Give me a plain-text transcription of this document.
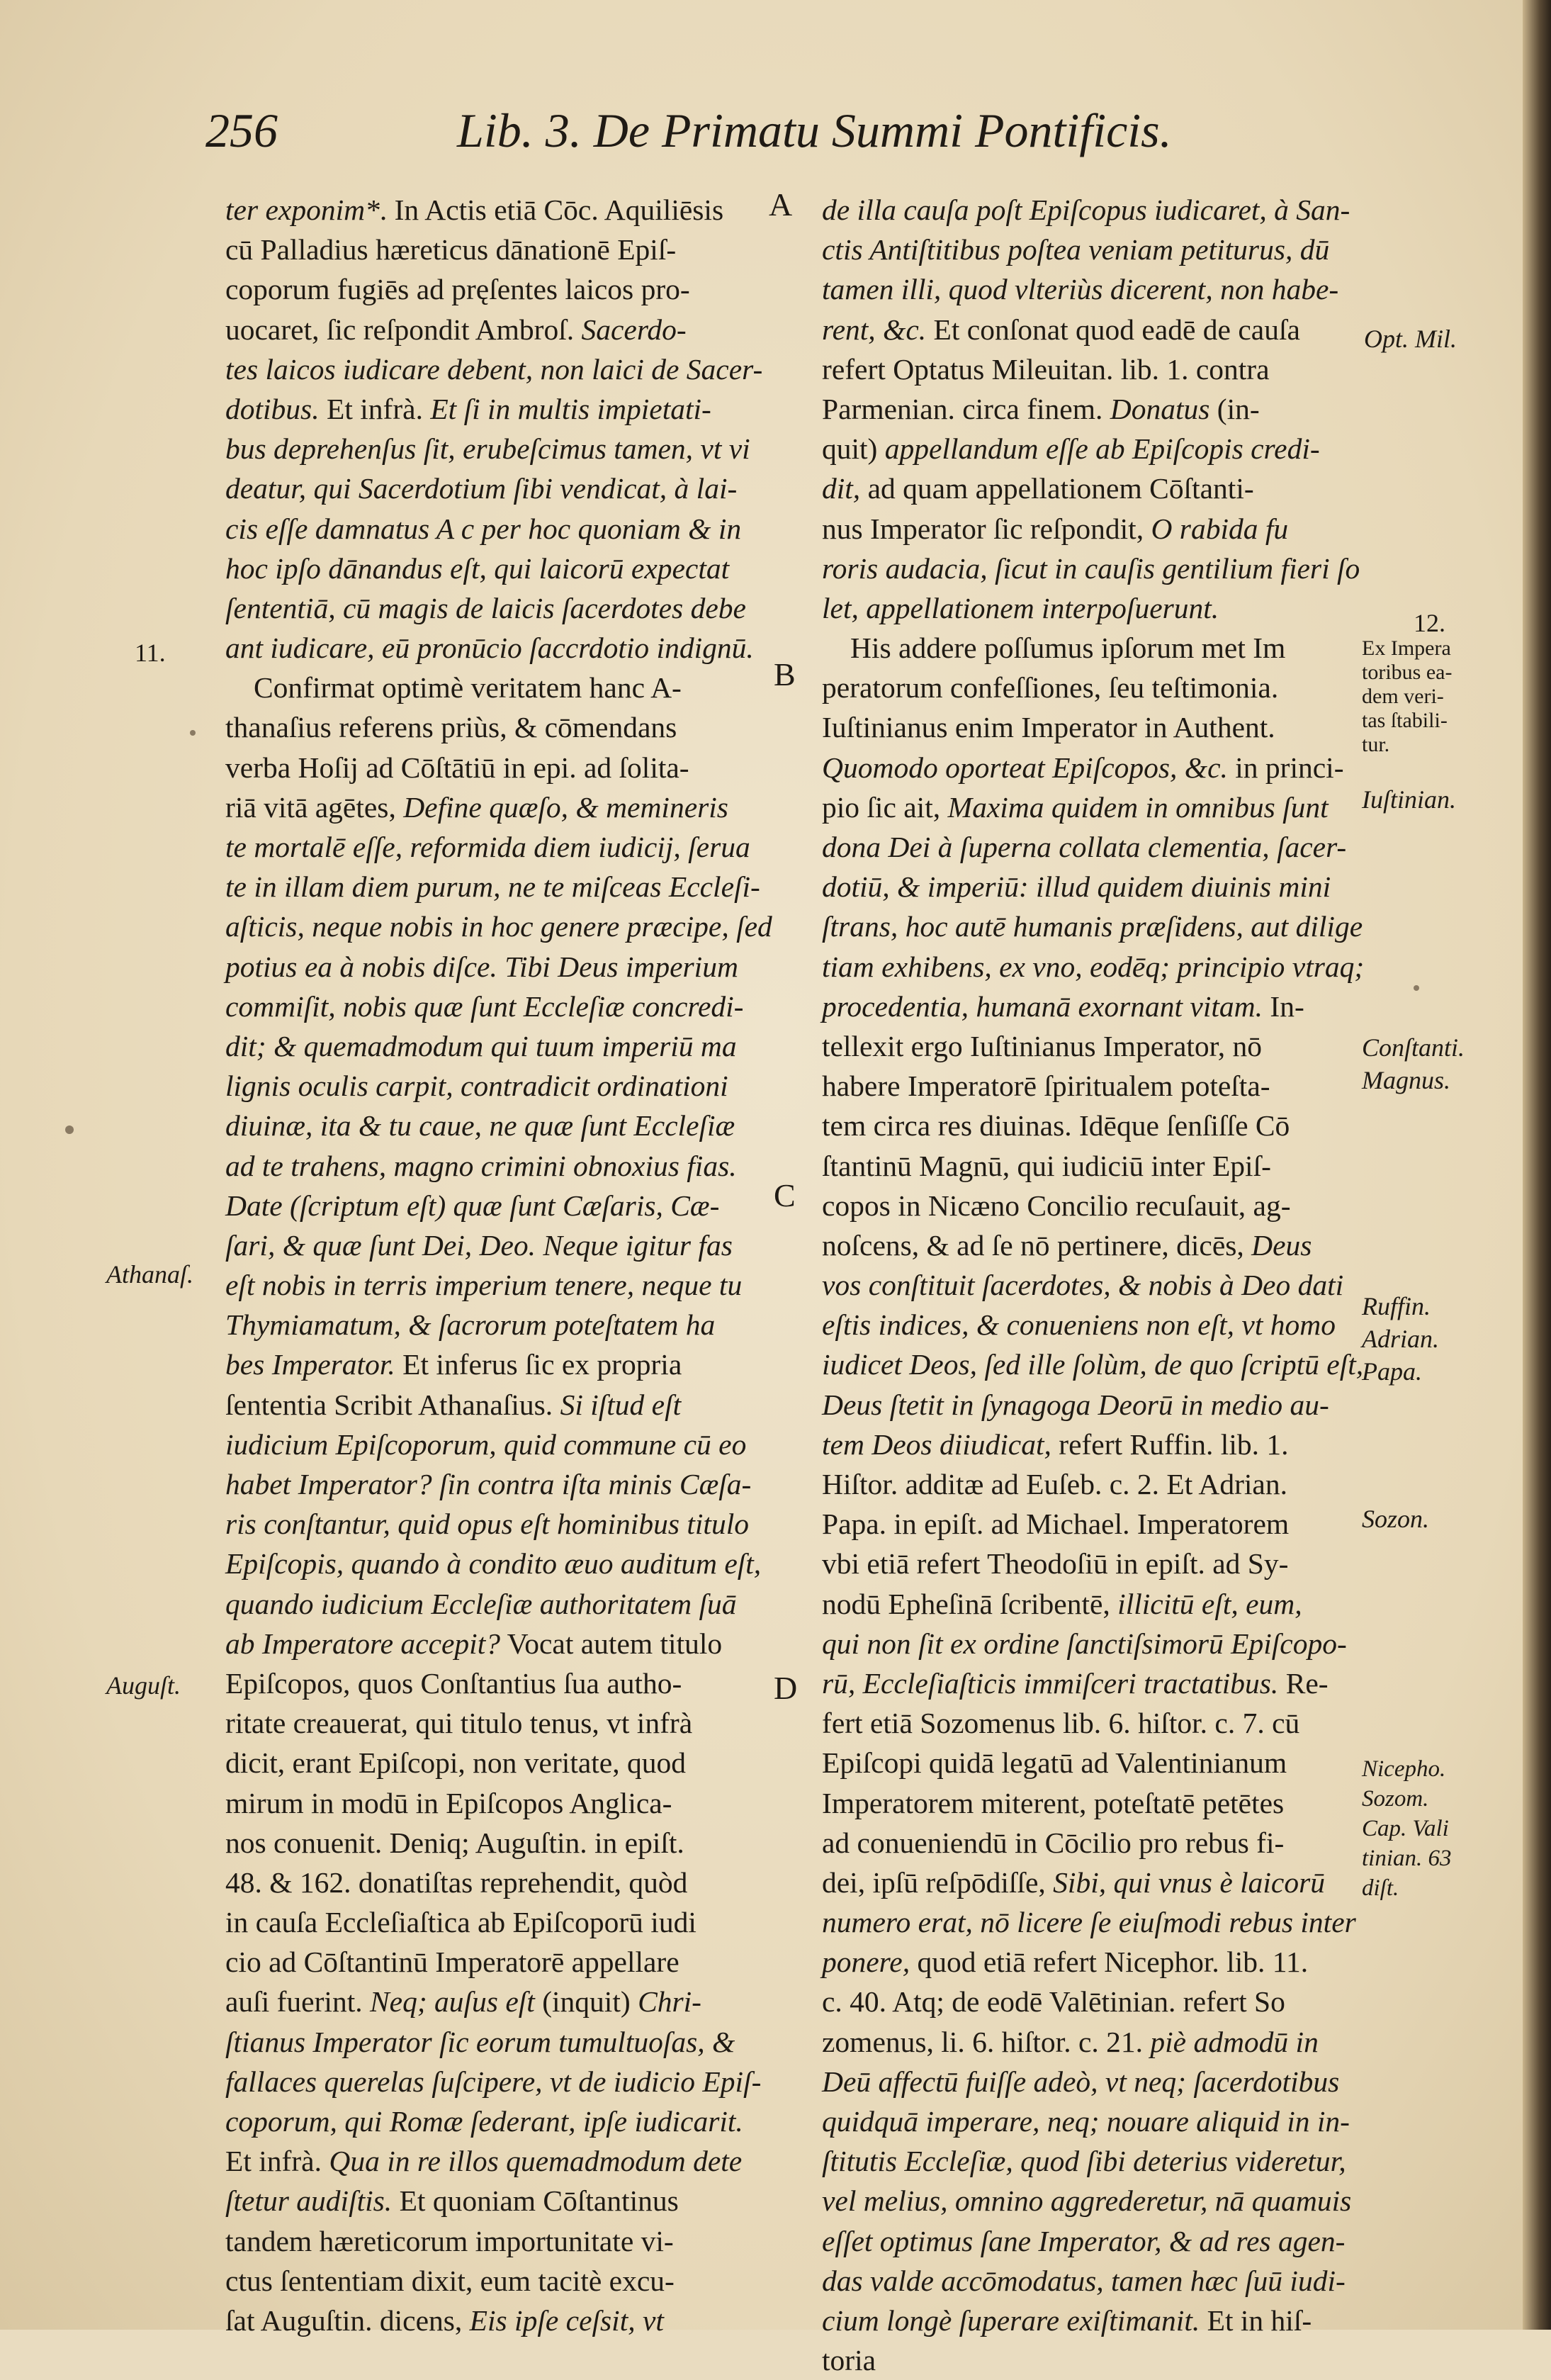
256	Lib. 3. De Primatu Summi Pontificis.
ter exponim*. In Actis etiā Cōc. Aquiliēsis
cū Palladius hæreticus dānationē Epiſ-
coporum fugiēs ad pręſentes laicos pro-
uocaret, ſic reſpondit Ambroſ. Sacerdo-
tes laicos iudicare debent, non laici de Sacer-
dotibus. Et infrà. Et ſi in multis impietati-
bus deprehenſus ſit, erubeſcimus tamen, vt vi
deatur, qui Sacerdotium ſibi vendicat, à lai-
cis eſſe damnatus A c per hoc quoniam & in
hoc ipſo dānandus eſt, qui laicorū expectat
ſententiā, cū magis de laicis ſacerdotes debe
ant iudicare, eū pronūcio ſaccrdotio indignū.
Confirmat optimè veritatem hanc A-
thanaſius referens priùs, & cōmendans
verba Hoſij ad Cōſtātiū in epi. ad ſolita-
riā vitā agētes, Define quæſo, & memineris
te mortalē eſſe, reformida diem iudicij, ſerua
te in illam diem purum, ne te miſceas Eccleſi-
aſticis, neque nobis in hoc genere præcipe, ſed
potius ea à nobis diſce. Tibi Deus imperium
commiſit, nobis quæ ſunt Eccleſiæ concredi-
dit; & quemadmodum qui tuum imperiū ma
lignis oculis carpit, contradicit ordinationi
diuinæ, ita & tu caue, ne quæ ſunt Eccleſiæ
ad te trahens, magno crimini obnoxius fias.
Date (ſcriptum eſt) quæ ſunt Cæſaris, Cæ-
ſari, & quæ ſunt Dei, Deo. Neque igitur fas
eſt nobis in terris imperium tenere, neque tu
Thymiamatum, & ſacrorum poteſtatem ha
bes Imperator. Et inferus ſic ex propria
ſententia Scribit Athanaſius. Si iſtud eſt
iudicium Epiſcoporum, quid commune cū eo
habet Imperator? ſin contra iſta minis Cæſa-
ris conſtantur, quid opus eſt hominibus titulo
Epiſcopis, quando à condito æuo auditum eſt,
quando iudicium Eccleſiæ authoritatem ſuā
ab Imperatore accepit? Vocat autem titulo
Epiſcopos, quos Conſtantius ſua autho-
ritate creauerat, qui titulo tenus, vt infrà
dicit, erant Epiſcopi, non veritate, quod
mirum in modū in Epiſcopos Anglica-
nos conuenit. Deniq; Auguſtin. in epiſt.
48. & 162. donatiſtas reprehendit, quòd
in cauſa Eccleſiaſtica ab Epiſcoporū iudi
cio ad Cōſtantinū Imperatorē appellare
auſi fuerint. Neq; auſus eſt (inquit) Chri-
ſtianus Imperator ſic eorum tumultuoſas, &
fallaces querelas ſuſcipere, vt de iudicio Epiſ-
coporum, qui Romæ ſederant, ipſe iudicarit.
Et infrà. Qua in re illos quemadmodum dete
ſtetur audiſtis. Et quoniam Cōſtantinus
tandem hæreticorum importunitate vi-
ctus ſententiam dixit, eum tacitè excu-
ſat Auguſtin. dicens, Eis ipſe ceſsit, vt
de illa cauſa poſt Epiſcopus iudicaret, à San-
ctis Antiſtitibus poſtea veniam petiturus, dū
tamen illi, quod vlteriùs dicerent, non habe-
rent, &c. Et conſonat quod eadē de cauſa
refert Optatus Mileuitan. lib. 1. contra
Parmenian. circa finem. Donatus (in-
quit) appellandum eſſe ab Epiſcopis credi-
dit, ad quam appellationem Cōſtanti-
nus Imperator ſic reſpondit, O rabida fu
roris audacia, ſicut in cauſis gentilium fieri ſo
let, appellationem interpoſuerunt.
His addere poſſumus ipſorum met Im
peratorum confeſſiones, ſeu teſtimonia.
Iuſtinianus enim Imperator in Authent.
Quomodo oporteat Epiſcopos, &c. in princi-
pio ſic ait, Maxima quidem in omnibus ſunt
dona Dei à ſuperna collata clementia, ſacer-
dotiū, & imperiū: illud quidem diuinis mini
ſtrans, hoc autē humanis præſidens, aut dilige
tiam exhibens, ex vno, eodēq; principio vtraq;
procedentia, humanā exornant vitam. In-
tellexit ergo Iuſtinianus Imperator, nō
habere Imperatorē ſpiritualem poteſta-
tem circa res diuinas. Idēque ſenſiſſe Cō
ſtantinū Magnū, qui iudiciū inter Epiſ-
copos in Nicæno Concilio recuſauit, ag-
noſcens, & ad ſe nō pertinere, dicēs, Deus
vos conſtituit ſacerdotes, & nobis à Deo dati
eſtis indices, & conueniens non eſt, vt homo
iudicet Deos, ſed ille ſolùm, de quo ſcriptū eſt,
Deus ſtetit in ſynagoga Deorū in medio au-
tem Deos diiudicat, refert Ruffin. lib. 1.
Hiſtor. additæ ad Euſeb. c. 2. Et Adrian.
Papa. in epiſt. ad Michael. Imperatorem
vbi etiā refert Theodoſiū in epiſt. ad Sy-
nodū Epheſinā ſcribentē, illicitū eſt, eum,
qui non ſit ex ordine ſanctiſsimorū Epiſcopo-
rū, Eccleſiaſticis immiſceri tractatibus. Re-
fert etiā Sozomenus lib. 6. hiſtor. c. 7. cū
Epiſcopi quidā legatū ad Valentinianum
Imperatorem miterent, poteſtatē petētes
ad conueniendū in Cōcilio pro rebus fi-
dei, ipſū reſpōdiſſe, Sibi, qui vnus è laicorū
numero erat, nō licere ſe eiuſmodi rebus inter
ponere, quod etiā refert Nicephor. lib. 11.
c. 40. Atq; de eodē Valētinian. refert So
zomenus, li. 6. hiſtor. c. 21. piè admodū in
Deū affectū fuiſſe adeò, vt neq; ſacerdotibus
quidquā imperare, neq; nouare aliquid in in-
ſtitutis Eccleſiæ, quod ſibi deterius videretur,
vel melius, omnino aggrederetur, nā quamuis
eſſet optimus ſane Imperator, & ad res agen-
das valde accōmodatus, tamen hæc ſuū iudi-
cium longè ſuperare exiſtimanit. Et in hiſ-
toria
A
B
C
D
11.
12.
Athanaſ.
Auguſt.
Opt. Mil.
Ex Impera
toribus ea-
dem veri-
tas ſtabili-
tur.
Iuſtinian.
Conſtanti.
Magnus.
Ruffin.
Adrian.
Papa.
Sozon.
Nicepho.
Sozom.
Cap. Vali
tinian. 63
diſt.
